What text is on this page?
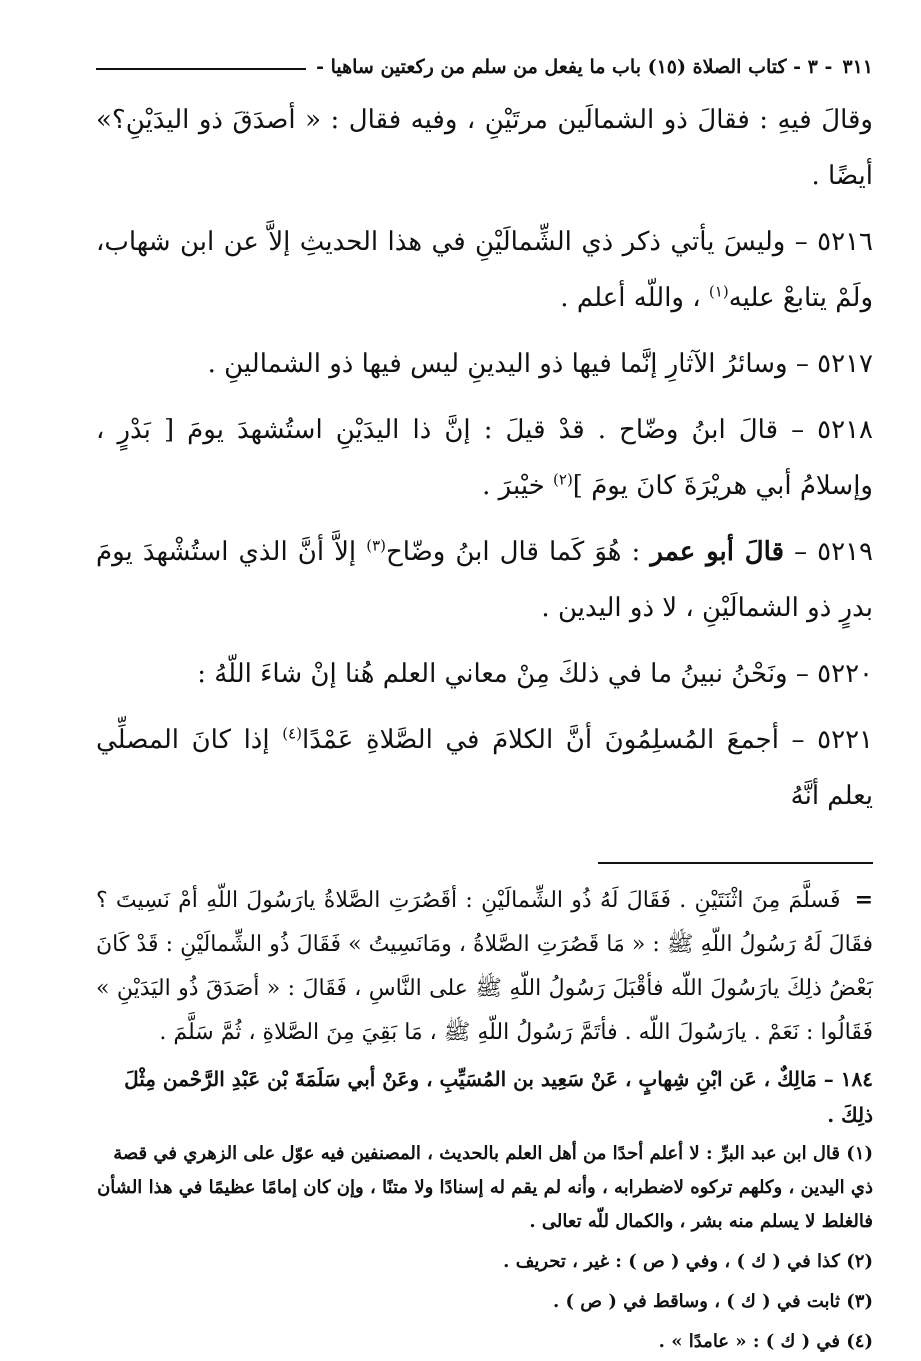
٣١١
- ٣ - كتاب الصلاة (١٥) باب ما يفعل من سلم من ركعتين ساهيا -

وقالَ فيهِ : فقالَ ذو الشمالَين مرتَيْنِ ، وفيه فقال : « أصدَقَ ذو اليدَيْنِ؟» أيضًا .

٥٢١٦ – وليسَ يأتي ذكر ذي الشِّمالَيْنِ في هذا الحديثِ إلاَّ عن ابن شهاب، ولَمْ يتابعْ عليه$^{(١)}$ ، واللّه أعلم .

٥٢١٧ – وسائرُ الآثارِ إنَّما فيها ذو اليدينِ ليس فيها ذو الشمالينِ .

٥٢١٨ – قالَ ابنُ وضّاح . قدْ قيلَ : إنَّ ذا اليدَيْنِ استُشهدَ يومَ [ بَدْرٍ ، وإسلامُ أبي هريْرَةَ كانَ يومَ ]$^{(٢)}$ خيْبرَ .

٥٢١٩ – قالَ أبو عمر : هُوَ كَما قال ابنُ وضّاح$^{(٣)}$ إلاَّ أنَّ الذي استُشْهدَ يومَ بدرٍ ذو الشمالَيْنِ ، لا ذو اليدين .

٥٢٢٠ – ونَحْنُ نبينُ ما في ذلكَ مِنْ معاني العلم هُنا إنْ شاءَ اللّهُ :

٥٢٢١ – أجمعَ المُسلِمُونَ أنَّ الكلامَ في الصَّلاةِ عَمْدًا$^{(٤)}$ إذا كانَ المصلِّي يعلم أنَّهُ

=فَسلَّمَ مِنَ اثْنَتَيْنِ . فَقَالَ لَهُ ذُو الشِّمالَيْنِ : أقَصُرَتِ الصَّلاةُ يارَسُولَ اللّهِ أمْ نَسِيتَ ؟ فقَالَ لَهُ رَسُولُ اللّهِ ﷺ : « مَا قَصُرَتِ الصَّلاةُ ، ومَانَسِيتُ » فَقَالَ ذُو الشِّمالَيْنِ : قَدْ كَانَ بَعْضُ ذلِكَ يارَسُولَ اللّه فأقْبَلَ رَسُولُ اللّهِ ﷺ على النَّاسِ ، فَقَالَ : « أصَدَقَ ذُو اليَدَيْنِ » فَقَالُوا : نَعَمْ . يارَسُولَ اللّه . فأتَمَّ رَسُولُ اللّهِ ﷺ ، مَا بَقِيَ مِنَ الصَّلاةِ ، ثُمَّ سَلَّمَ .

١٨٤ – مَالِكٌ ، عَن ابْنِ شِهابٍ ، عَنْ سَعِيد بن المُسَيِّبِ ، وعَنْ أبي سَلَمَةَ بْن عَبْدِ الرَّحْمن مِثْلَ ذلِكَ .

(١) قال ابن عبد البرِّ : لا أعلم أحدًا من أهل العلم بالحديث ، المصنفين فيه عوّل على الزهري في قصة ذي اليدين ، وكلهم تركوه لاضطرابه ، وأنه لم يقم له إسنادًا ولا متنًا ، وإن كان إمامًا عظيمًا في هذا الشأن فالغلط لا يسلم منه بشر ، والكمال للّه تعالى .

(٢) كذا في ( ك ) ، وفي ( ص ) : غير ، تحريف .

(٣) ثابت في ( ك ) ، وساقط في ( ص ) .

(٤) في ( ك ) : « عامدًا » .
